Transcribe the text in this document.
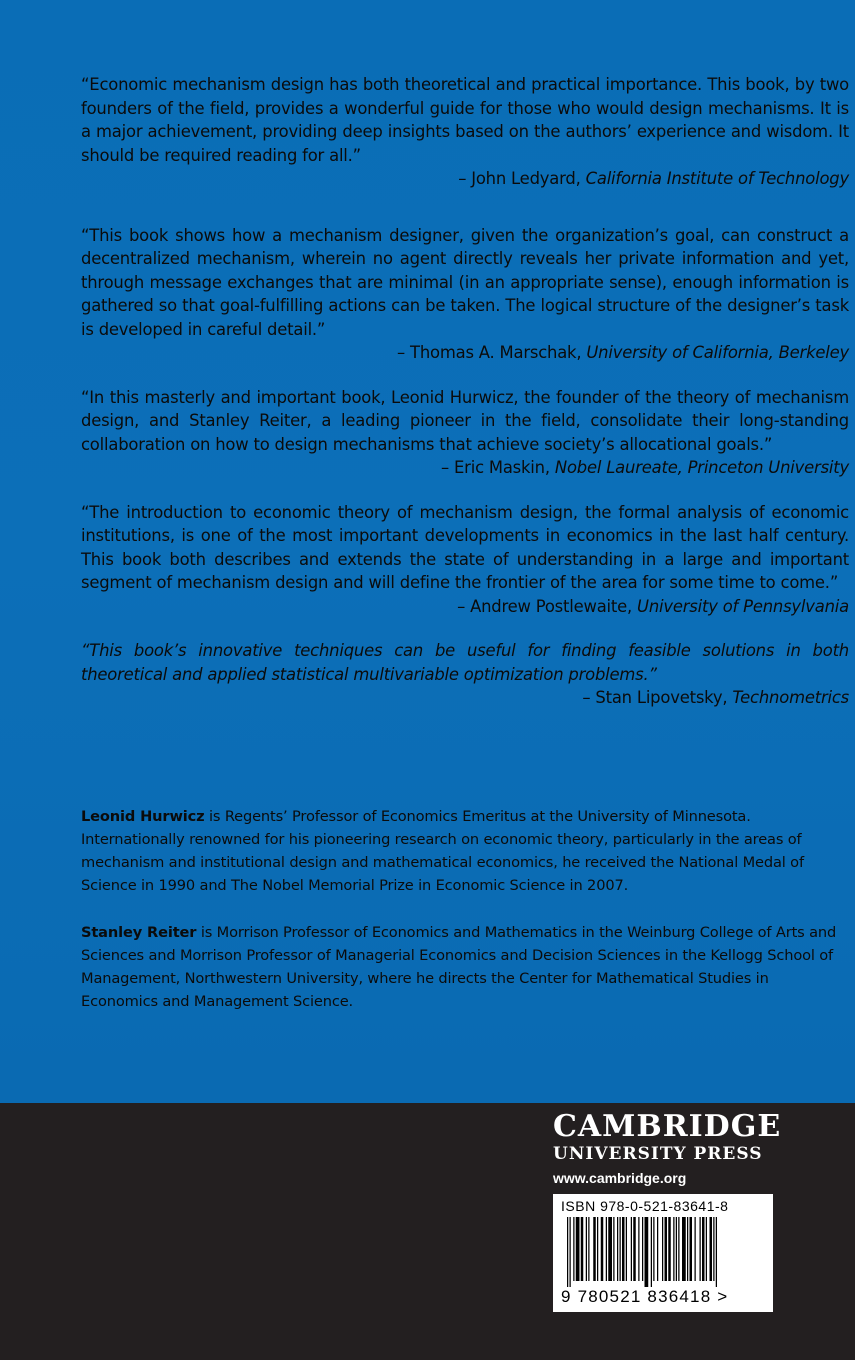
“Economic mechanism design has both theoretical and practical importance. This book, by two founders of the field, provides a wonderful guide for those who would design mechanisms. It is a major achievement, providing deep insights based on the authors’ experience and wisdom. It should be required reading for all.”

– John Ledyard, California Institute of Technology

“This book shows how a mechanism designer, given the organization’s goal, can construct a decentralized mechanism, wherein no agent directly reveals her private information and yet, through message exchanges that are minimal (in an appropriate sense), enough information is gathered so that goal-fulfilling actions can be taken. The logical structure of the designer’s task is developed in careful detail.”

– Thomas A. Marschak, University of California, Berkeley

“In this masterly and important book, Leonid Hurwicz, the founder of the theory of mechanism design, and Stanley Reiter, a leading pioneer in the field, consolidate their long-standing collaboration on how to design mechanisms that achieve society’s allocational goals.”

– Eric Maskin, Nobel Laureate, Princeton University

“The introduction to economic theory of mechanism design, the formal analysis of economic institutions, is one of the most important developments in economics in the last half century. This book both describes and extends the state of understanding in a large and important segment of mechanism design and will define the frontier of the area for some time to come.”

– Andrew Postlewaite, University of Pennsylvania

“This book’s innovative techniques can be useful for finding feasible solutions in both theoretical and applied statistical multivariable optimization problems.”

– Stan Lipovetsky, Technometrics

Leonid Hurwicz is Regents’ Professor of Economics Emeritus at the University of Minnesota. Internationally renowned for his pioneering research on economic theory, particularly in the areas of mechanism and institutional design and mathematical economics, he received the National Medal of Science in 1990 and The Nobel Memorial Prize in Economic Science in 2007.

Stanley Reiter is Morrison Professor of Economics and Mathematics in the Weinburg College of Arts and Sciences and Morrison Professor of Managerial Economics and Decision Sciences in the Kellogg School of Management, Northwestern University, where he directs the Center for Mathematical Studies in Economics and Management Science.

CAMBRIDGE
UNIVERSITY PRESS
www.cambridge.org
ISBN 978-0-521-83641-8
9 780521 836418 >
